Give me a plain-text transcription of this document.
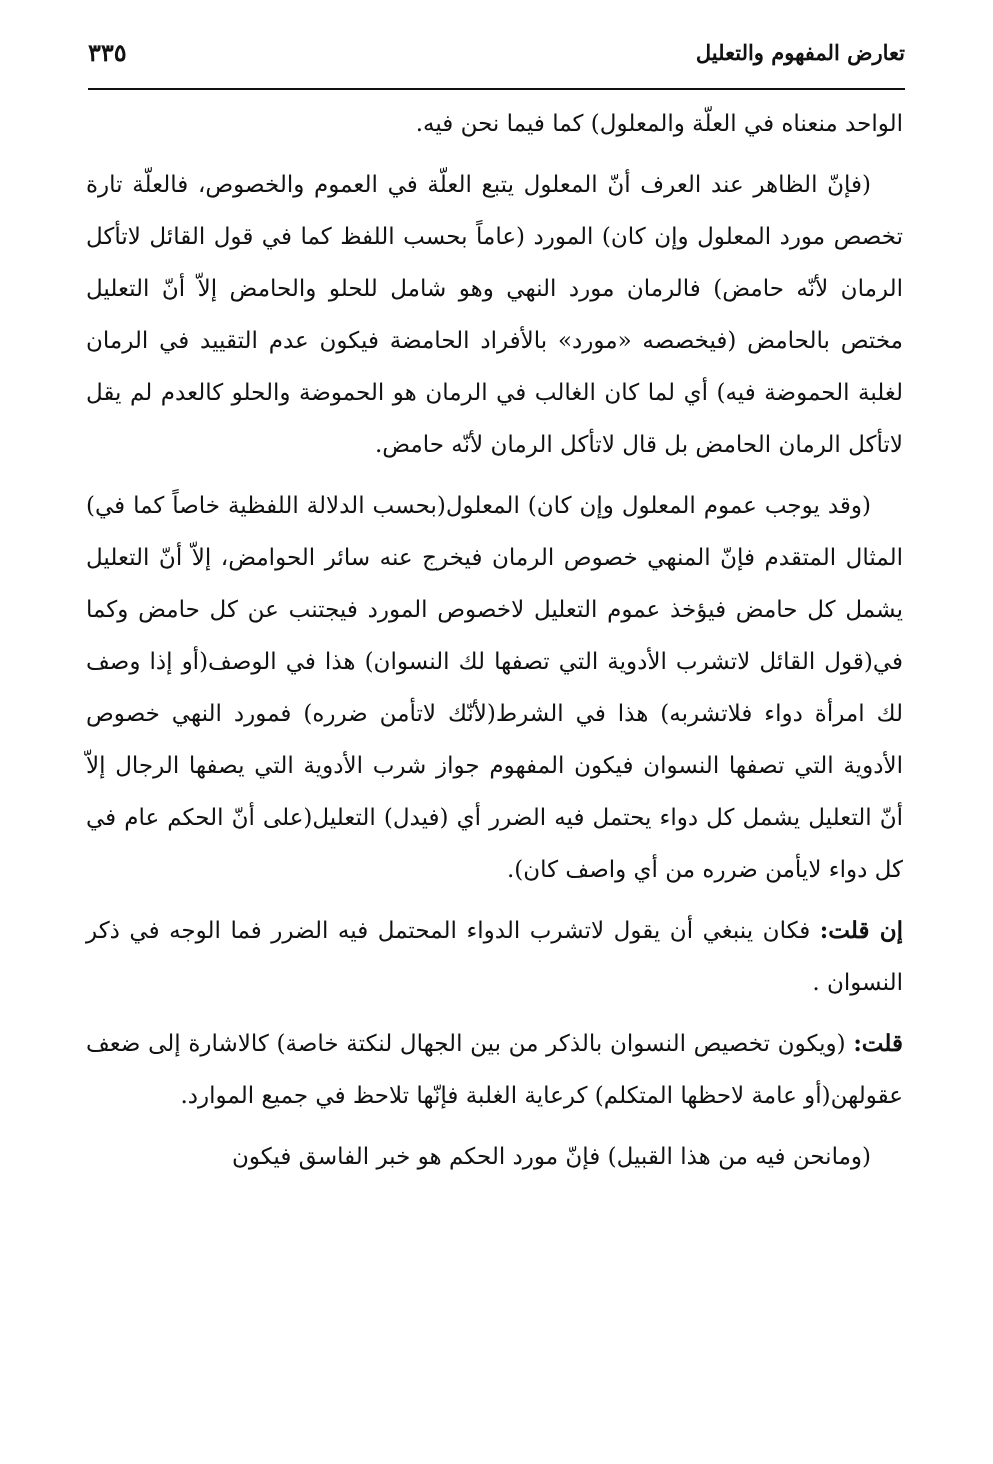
تعارض المفهوم والتعليل
٣٣٥

الواحد منعناه في العلّة والمعلول) كما فيما نحن فيه.

(فإنّ الظاهر عند العرف أنّ المعلول يتبع العلّة في العموم والخصوص، فالعلّة تارة تخصص مورد المعلول وإن كان) المورد (عاماً بحسب اللفظ كما في قول القائل لاتأكل الرمان لأنّه حامض) فالرمان مورد النهي وهو شامل للحلو والحامض إلاّ أنّ التعليل مختص بالحامض (فيخصصه «مورد» بالأفراد الحامضة فيكون عدم التقييد في الرمان لغلبة الحموضة فيه) أي لما كان الغالب في الرمان هو الحموضة والحلو كالعدم لم يقل لاتأكل الرمان الحامض بل قال لاتأكل الرمان لأنّه حامض.

(وقد يوجب عموم المعلول وإن كان) المعلول(بحسب الدلالة اللفظية خاصاً كما في) المثال المتقدم فإنّ المنهي خصوص الرمان فيخرج عنه سائر الحوامض، إلاّ أنّ التعليل يشمل كل حامض فيؤخذ عموم التعليل لاخصوص المورد فيجتنب عن كل حامض وكما في(قول القائل لاتشرب الأدوية التي تصفها لك النسوان) هذا في الوصف(أو إذا وصف لك امرأة دواء فلاتشربه) هذا في الشرط(لأنّك لاتأمن ضرره) فمورد النهي خصوص الأدوية التي تصفها النسوان فيكون المفهوم جواز شرب الأدوية التي يصفها الرجال إلاّ أنّ التعليل يشمل كل دواء يحتمل فيه الضرر أي (فيدل) التعليل(على أنّ الحكم عام في كل دواء لايأمن ضرره من أي واصف كان).

إن قلت: فكان ينبغي أن يقول لاتشرب الدواء المحتمل فيه الضرر فما الوجه في ذكر النسوان .

قلت: (ويكون تخصيص النسوان بالذكر من بين الجهال لنكتة خاصة) كالاشارة إلى ضعف عقولهن(أو عامة لاحظها المتكلم) كرعاية الغلبة فإنّها تلاحظ في جميع الموارد.

(ومانحن فيه من هذا القبيل) فإنّ مورد الحكم هو خبر الفاسق فيكون
